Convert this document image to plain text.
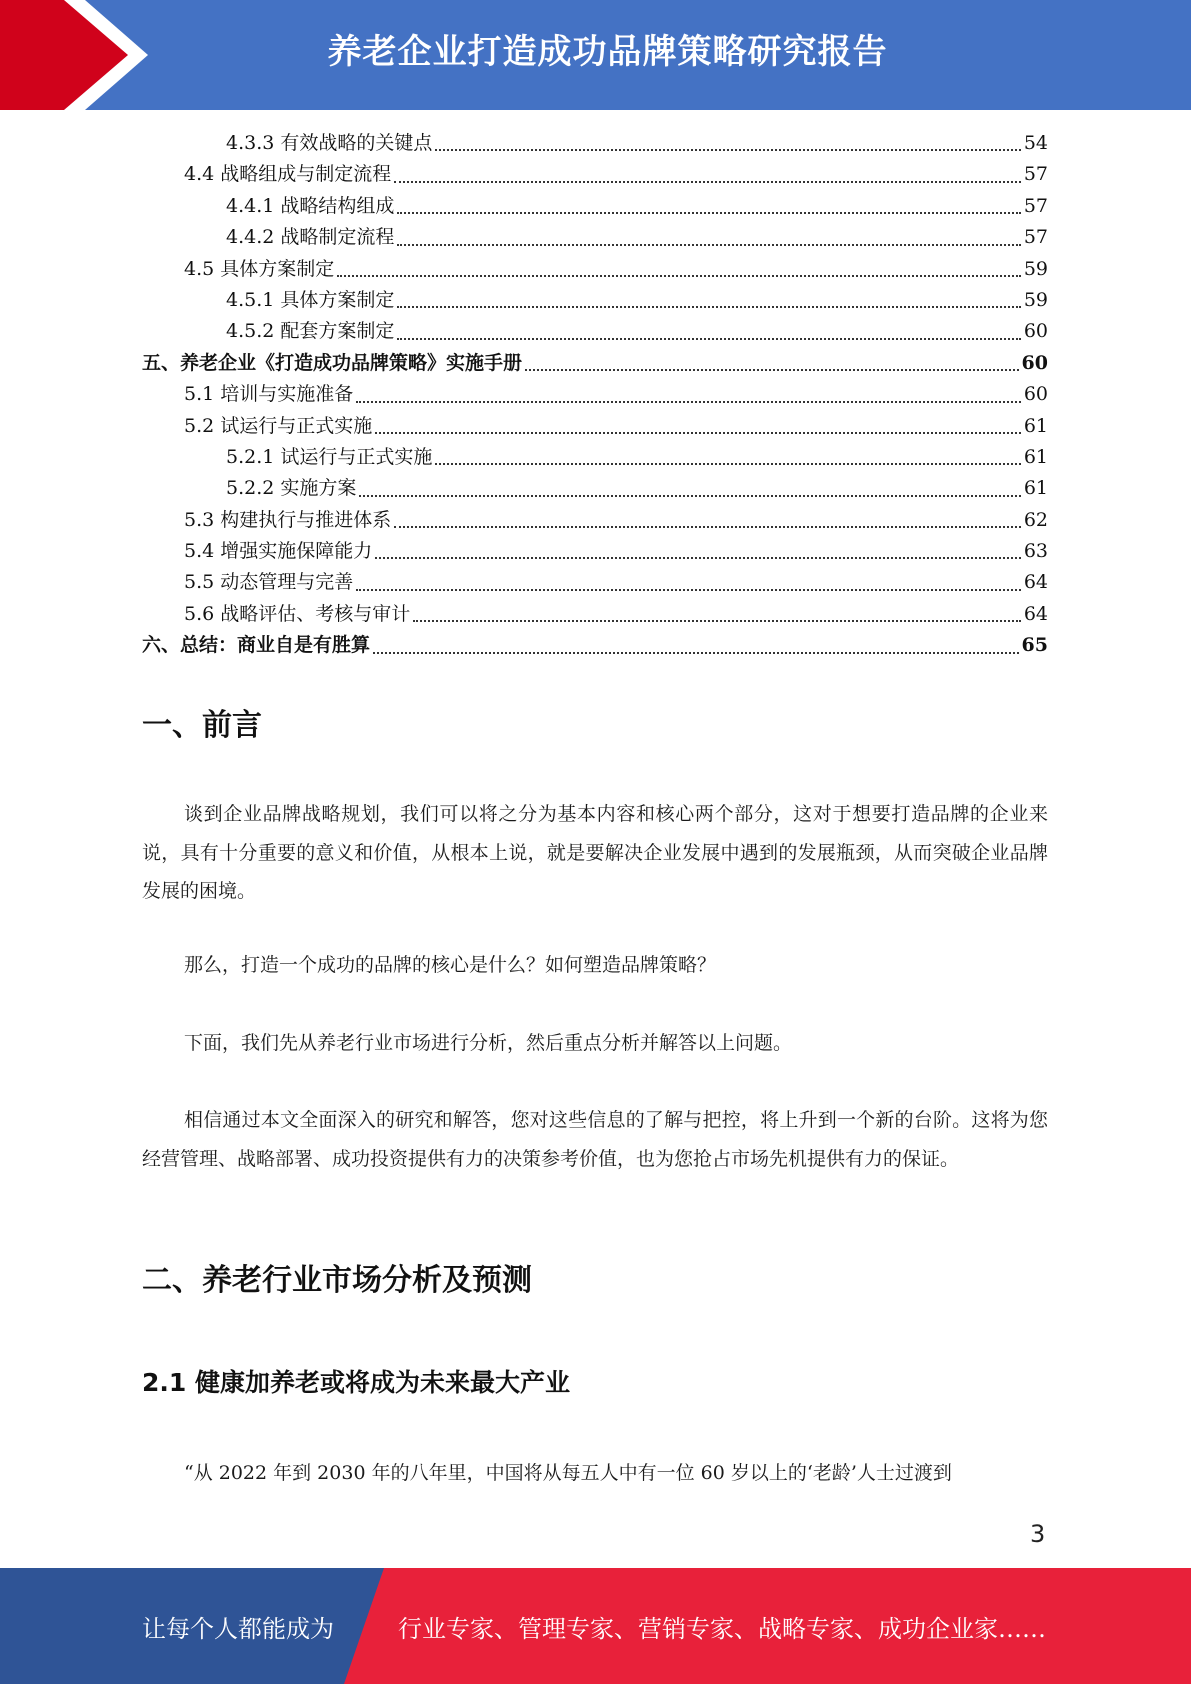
养老企业打造成功品牌策略研究报告
4.3.3 有效战略的关键点	54
4.4 战略组成与制定流程	57
4.4.1 战略结构组成	57
4.4.2 战略制定流程	57
4.5 具体方案制定	59
4.5.1 具体方案制定	59
4.5.2 配套方案制定	60
五、养老企业《打造成功品牌策略》实施手册	60
5.1 培训与实施准备	60
5.2 试运行与正式实施	61
5.2.1 试运行与正式实施	61
5.2.2 实施方案	61
5.3 构建执行与推进体系	62
5.4 增强实施保障能力	63
5.5 动态管理与完善	64
5.6 战略评估、考核与审计	64
六、总结：商业自是有胜算	65
一、前言

谈到企业品牌战略规划，我们可以将之分为基本内容和核心两个部分，这对于想要打造品牌的企业来说，具有十分重要的意义和价值，从根本上说，就是要解决企业发展中遇到的发展瓶颈，从而突破企业品牌发展的困境。

那么，打造一个成功的品牌的核心是什么？如何塑造品牌策略？

下面，我们先从养老行业市场进行分析，然后重点分析并解答以上问题。

相信通过本文全面深入的研究和解答，您对这些信息的了解与把控，将上升到一个新的台阶。这将为您经营管理、战略部署、成功投资提供有力的决策参考价值，也为您抢占市场先机提供有力的保证。

二、养老行业市场分析及预测
2.1 健康加养老或将成为未来最大产业

“从 2022 年到 2030 年的八年里，中国将从每五人中有一位 60 岁以上的‘老龄’人士过渡到

3
让每个人都能成为	行业专家、管理专家、营销专家、战略专家、成功企业家……
